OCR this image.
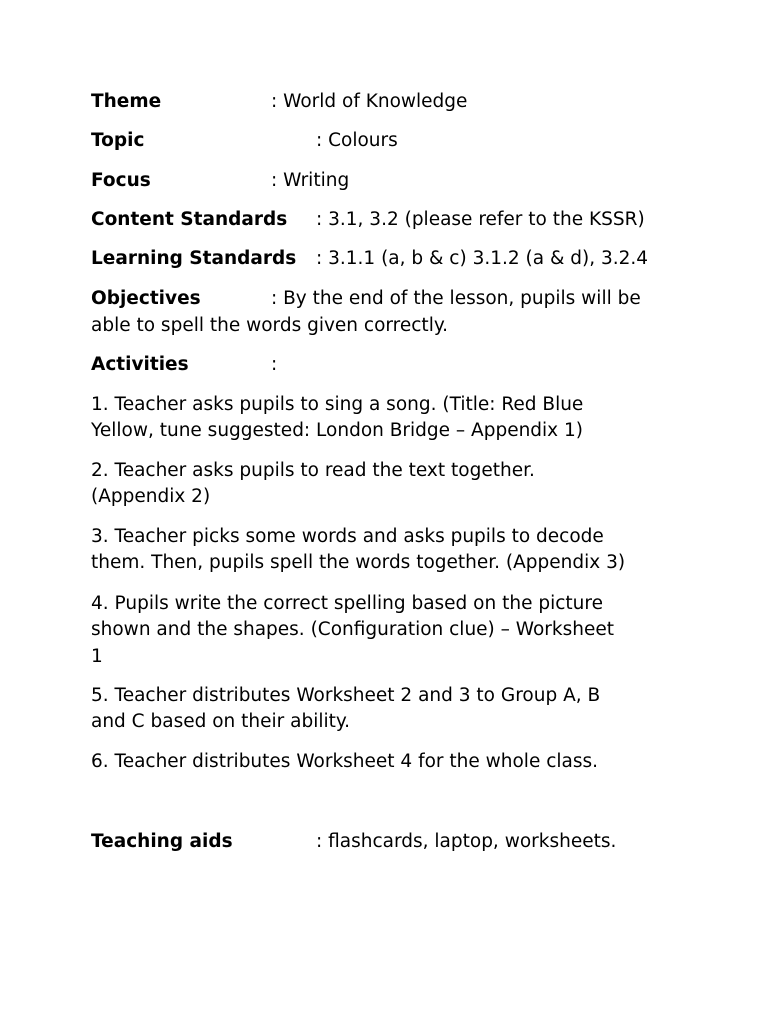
Theme	: World of Knowledge
Topic	: Colours
Focus	: Writing
Content Standards : 3.1, 3.2 (please refer to the KSSR)
Learning Standards : 3.1.1 (a, b & c) 3.1.2 (a & d), 3.2.4
Objectives	: By the end of the lesson, pupils will be
able to spell the words given correctly.
Activities	:
1. Teacher asks pupils to sing a song. (Title: Red Blue
Yellow, tune suggested: London Bridge – Appendix 1)
2. Teacher asks pupils to read the text together.
(Appendix 2)
3. Teacher picks some words and asks pupils to decode
them. Then, pupils spell the words together. (Appendix 3)
4. Pupils write the correct spelling based on the picture
shown and the shapes. (Configuration clue) – Worksheet
1
5. Teacher distributes Worksheet 2 and 3 to Group A, B
and C based on their ability.
6. Teacher distributes Worksheet 4 for the whole class.
Teaching aids	: flashcards, laptop, worksheets.
